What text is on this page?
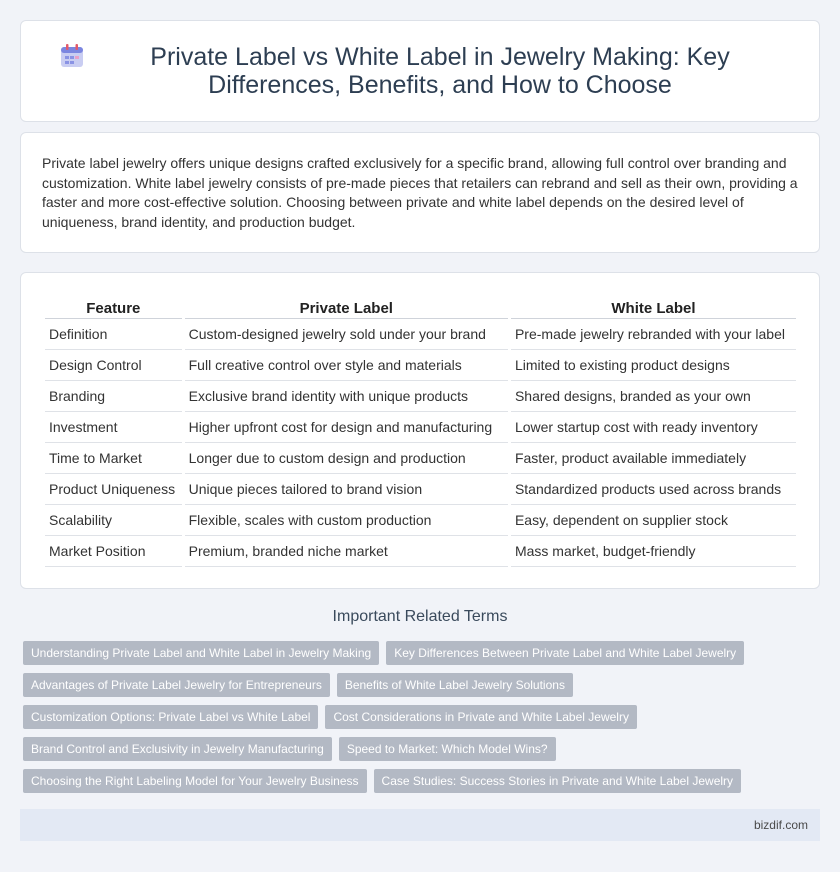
Private Label vs White Label in Jewelry Making: Key Differences, Benefits, and How to Choose

Private label jewelry offers unique designs crafted exclusively for a specific brand, allowing full control over branding and customization. White label jewelry consists of pre-made pieces that retailers can rebrand and sell as their own, providing a faster and more cost-effective solution. Choosing between private and white label depends on the desired level of uniqueness, brand identity, and production budget.

Feature	Private Label	White Label
Definition	Custom-designed jewelry sold under your brand	Pre-made jewelry rebranded with your label
Design Control	Full creative control over style and materials	Limited to existing product designs
Branding	Exclusive brand identity with unique products	Shared designs, branded as your own
Investment	Higher upfront cost for design and manufacturing	Lower startup cost with ready inventory
Time to Market	Longer due to custom design and production	Faster, product available immediately
Product Uniqueness	Unique pieces tailored to brand vision	Standardized products used across brands
Scalability	Flexible, scales with custom production	Easy, dependent on supplier stock
Market Position	Premium, branded niche market	Mass market, budget-friendly
Important Related Terms
Understanding Private Label and White Label in Jewelry Making	Key Differences Between Private Label and White Label Jewelry
Advantages of Private Label Jewelry for Entrepreneurs	Benefits of White Label Jewelry Solutions
Customization Options: Private Label vs White Label	Cost Considerations in Private and White Label Jewelry
Brand Control and Exclusivity in Jewelry Manufacturing	Speed to Market: Which Model Wins?
Choosing the Right Labeling Model for Your Jewelry Business	Case Studies: Success Stories in Private and White Label Jewelry
bizdif.com
